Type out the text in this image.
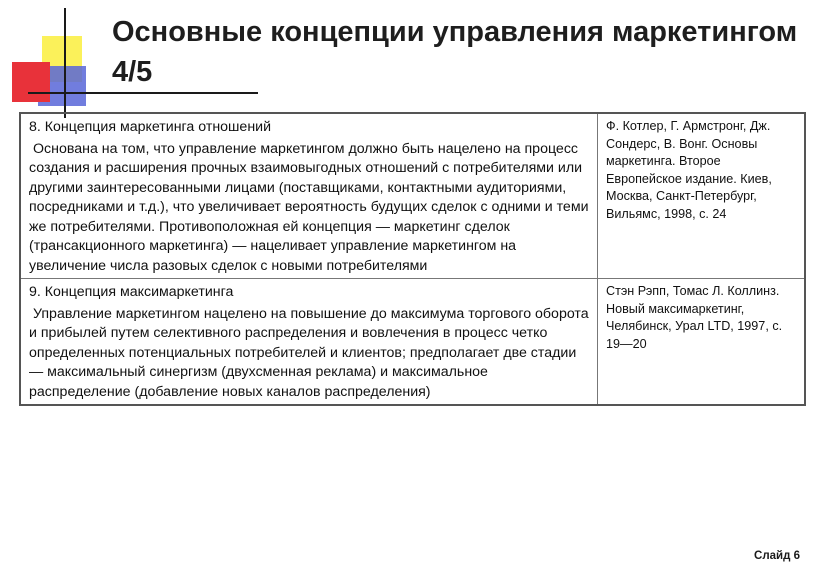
Основные концепции управления маркетингом 4/5
8. Концепция маркетинга отношений
Основана на том, что управление маркетингом должно быть нацелено на процесс создания и расширения прочных взаимовыгодных отношений с потребителями или другими заинтересованными лицами (поставщиками, контактными аудиториями, посредниками и т.д.), что увеличивает вероятность будущих сделок с одними и теми же потребителями. Противоположная ей концепция — маркетинг сделок (трансакционного маркетинга) — нацеливает управление маркетингом на увеличение числа разовых сделок с новыми потребителями	Ф. Котлер, Г. Армстронг, Дж. Сондерс, В. Вонг. Основы маркетинга. Второе Европейское издание. Киев, Москва, Санкт-Петербург, Вильямс, 1998, с. 24

9. Концепция максимаркетинга
Управление маркетингом нацелено на повышение до максимума торгового оборота и прибылей путем селективного распределения и вовлечения в процесс четко определенных потенциальных потребителей и клиентов; предполагает две стадии — максимальный синергизм (двухсменная реклама) и максимальное распределение (добавление новых каналов распределения)	Стэн Рэпп, Томас Л. Коллинз. Новый максимаркетинг, Челябинск, Урал LTD, 1997, с. 19—20
Слайд 6
